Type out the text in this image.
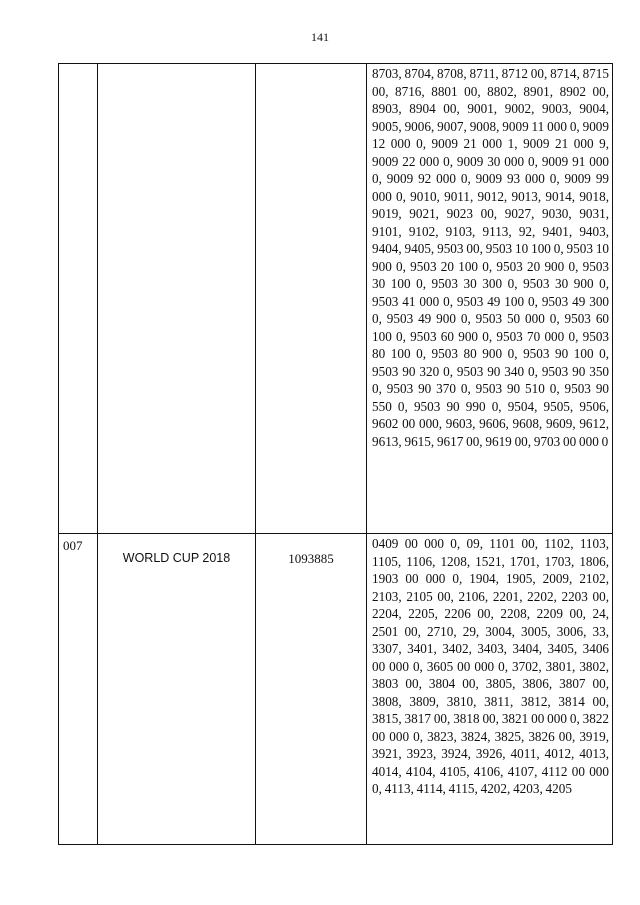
141
			8703, 8704, 8708, 8711, 8712 00, 8714, 8715 00, 8716, 8801 00, 8802, 8901, 8902 00, 8903, 8904 00, 9001, 9002, 9003, 9004, 9005, 9006, 9007, 9008, 9009 11 000 0, 9009 12 000 0, 9009 21 000 1, 9009 21 000 9, 9009 22 000 0, 9009 30 000 0, 9009 91 000 0, 9009 92 000 0, 9009 93 000 0, 9009 99 000 0, 9010, 9011, 9012, 9013, 9014, 9018, 9019, 9021, 9023 00, 9027, 9030, 9031, 9101, 9102, 9103, 9113, 92, 9401, 9403, 9404, 9405, 9503 00, 9503 10 100 0, 9503 10 900 0, 9503 20 100 0, 9503 20 900 0, 9503 30 100 0, 9503 30 300 0, 9503 30 900 0, 9503 41 000 0, 9503 49 100 0, 9503 49 300 0, 9503 49 900 0, 9503 50 000 0, 9503 60 100 0, 9503 60 900 0, 9503 70 000 0, 9503 80 100 0, 9503 80 900 0, 9503 90 100 0, 9503 90 320 0, 9503 90 340 0, 9503 90 350 0, 9503 90 370 0, 9503 90 510 0, 9503 90 550 0, 9503 90 990 0, 9504, 9505, 9506, 9602 00 000, 9603, 9606, 9608, 9609, 9612, 9613, 9615, 9617 00, 9619 00, 9703 00 000 0
007	WORLD CUP 2018	1093885	0409 00 000 0, 09, 1101 00, 1102, 1103, 1105, 1106, 1208, 1521, 1701, 1703, 1806, 1903 00 000 0, 1904, 1905, 2009, 2102, 2103, 2105 00, 2106, 2201, 2202, 2203 00, 2204, 2205, 2206 00, 2208, 2209 00, 24, 2501 00, 2710, 29, 3004, 3005, 3006, 33, 3307, 3401, 3402, 3403, 3404, 3405, 3406 00 000 0, 3605 00 000 0, 3702, 3801, 3802, 3803 00, 3804 00, 3805, 3806, 3807 00, 3808, 3809, 3810, 3811, 3812, 3814 00, 3815, 3817 00, 3818 00, 3821 00 000 0, 3822 00 000 0, 3823, 3824, 3825, 3826 00, 3919, 3921, 3923, 3924, 3926, 4011, 4012, 4013, 4014, 4104, 4105, 4106, 4107, 4112 00 000 0, 4113, 4114, 4115, 4202, 4203, 4205
